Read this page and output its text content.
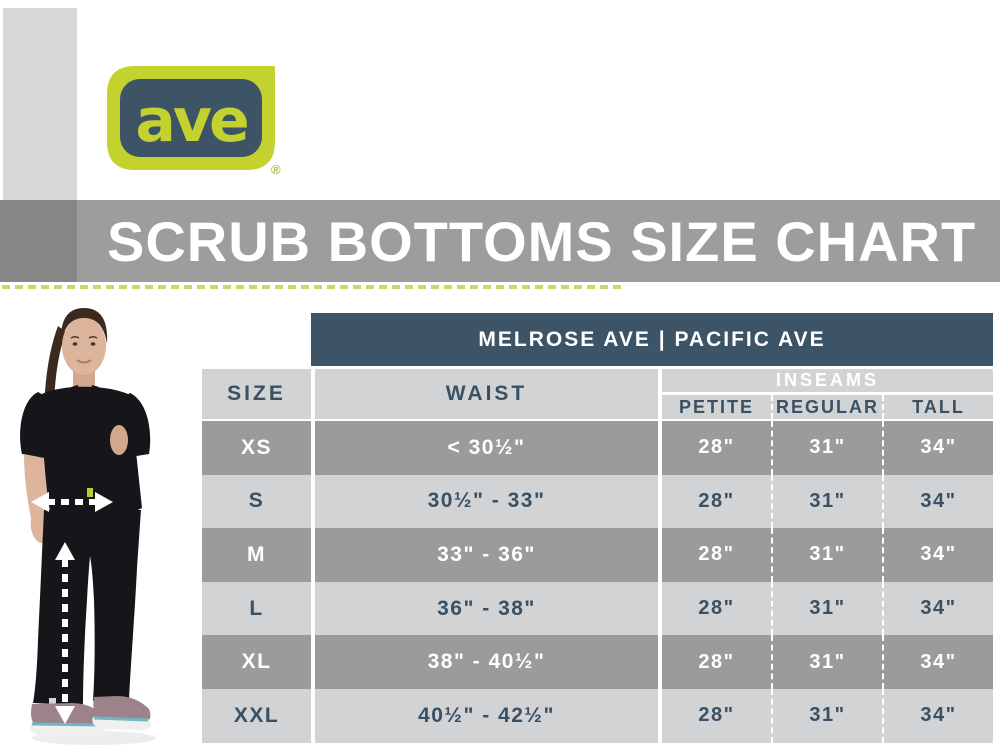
ave
®
SCRUB BOTTOMS SIZE CHART
MELROSE AVE | PACIFIC AVE
SIZE	WAIST
INSEAMS
PETITE	REGULAR	TALL
XS	< 30½"	28"	31"	34"
S	30½" - 33"	28"	31"	34"
M	33" - 36"	28"	31"	34"
L	36" - 38"	28"	31"	34"
XL	38" - 40½"	28"	31"	34"
XXL	40½" - 42½"	28"	31"	34"
